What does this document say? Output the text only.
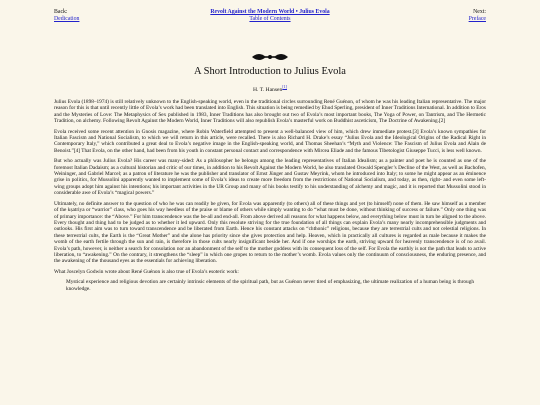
Back:
Dedication
Revolt Against the Modern World • Julius Evola
Table of Contents
Next:
Preface
A Short Introduction to Julius Evola
H. T. Hansen[1]

Julius Evola (1898–1974) is still relatively unknown to the English-speaking world, even in the traditional circles surrounding René Guénon, of whom he was his leading Italian representative. The major reason for this is that until recently little of Evola’s work had been translated into English. This situation is being remedied by Ehud Sperling, president of Inner Traditions International. In addition to Eros and the Mysteries of Love: The Metaphysics of Sex published in 1983, Inner Traditions has also brought out two of Evola’s most important books, The Yoga of Power, on Tantrism, and The Hermetic Tradition, on alchemy. Following Revolt Against the Modern World, Inner Traditions will also republish Evola’s masterful work on Buddhist asceticism, The Doctrine of Awakening.[2]

Evola received some recent attention in Gnosis magazine, where Robin Waterfield attempted to present a well-balanced view of him, which drew immediate protest.[3] Evola’s known sympathies for Italian Fascism and National Socialism, to which we will return in this article, were recalled. There is also Richard H. Drake’s essay “Julius Evola and the Ideological Origins of the Radical Right in Contemporary Italy,” which contributed a great deal to Evola’s negative image in the English-speaking world, and Thomas Sheehan’s “Myth and Violence: The Fascism of Julius Evola and Alain de Benoist.”[4] That Evola, on the other hand, had been from his youth in constant personal contact and correspondence with Mircea Eliade and the famous Tibetologist Giuseppe Tucci, is less well known.

But who actually was Julius Evola? His career was many-sided: As a philosopher he belongs among the leading representatives of Italian Idealism; as a painter and poet he is counted as one of the foremost Italian Dadaism; as a cultural historian and critic of our times, in addition to his Revolt Against the Modern World, he also translated Oswald Spengler’s Decline of the West, as well as Bachofen, Weininger, and Gabriel Marcel; as a patron of literature he was the publisher and translator of Ernst Jünger and Gustav Meyrink, whom he introduced into Italy; to some he might appear as an éminence grise in politics, for Mussolini apparently wanted to implement some of Evola’s ideas to create more freedom from the restrictions of National Socialism, and today, as then, right- and even some left-wing groups adopt him against his intentions; his important activities in the UR Group and many of his books testify to his understanding of alchemy and magic, and it is reported that Mussolini stood in considerable awe of Evola’s “magical powers.”

Ultimately, no definite answer to the question of who he was can readily be given, for Evola was apparently (to others) all of these things and yet (to himself) none of them. He saw himself as a member of the kṣatriya or “warrior” class, who goes his way heedless of the praise or blame of others while simply wanting to do “what must be done, without thinking of success or failure.” Only one thing was of primary importance: the “Above.” For him transcendence was the be-all and end-all. From above derived all reasons for what happens below, and everything below must in turn be aligned to the above. Every thought and thing had to be judged as to whether it led upward. Only this resolute striving for the true foundation of all things can explain Evola’s many nearly incomprehensible judgments and outlooks. His first aim was to turn toward transcendence and be liberated from Earth. Hence his constant attacks on “chthonic” religions, because they are terrestrial cults and not celestial religions. In these terrestrial cults, the Earth is the “Great Mother” and she alone has priority since she gives protection and help. Heaven, which in practically all cultures is regarded as male because it makes the womb of the earth fertile through the sun and rain, is therefore in those cults nearly insignificant beside her. And if one worships the earth, striving upward for heavenly transcendence is of no avail. Evola’s path, however, is neither a search for consolation nor an abandonment of the self to the mother goddess with its consequent loss of the self. For Evola the earthly is not the path that leads to active liberation, to “awakening.” On the contrary, it strengthens the “sleep” in which one gropes to return to the mother’s womb. Evola values only the continuum of consciousness, the enduring presence, and the awakening of the thousand eyes as the essentials for achieving liberation.

What Joscelyn Godwin wrote about René Guénon is also true of Evola’s esoteric work:

Mystical experience and religious devotion are certainly intrinsic elements of the spiritual path, but as Guénon never tired of emphasizing, the ultimate realization of a human being is through knowledge.
